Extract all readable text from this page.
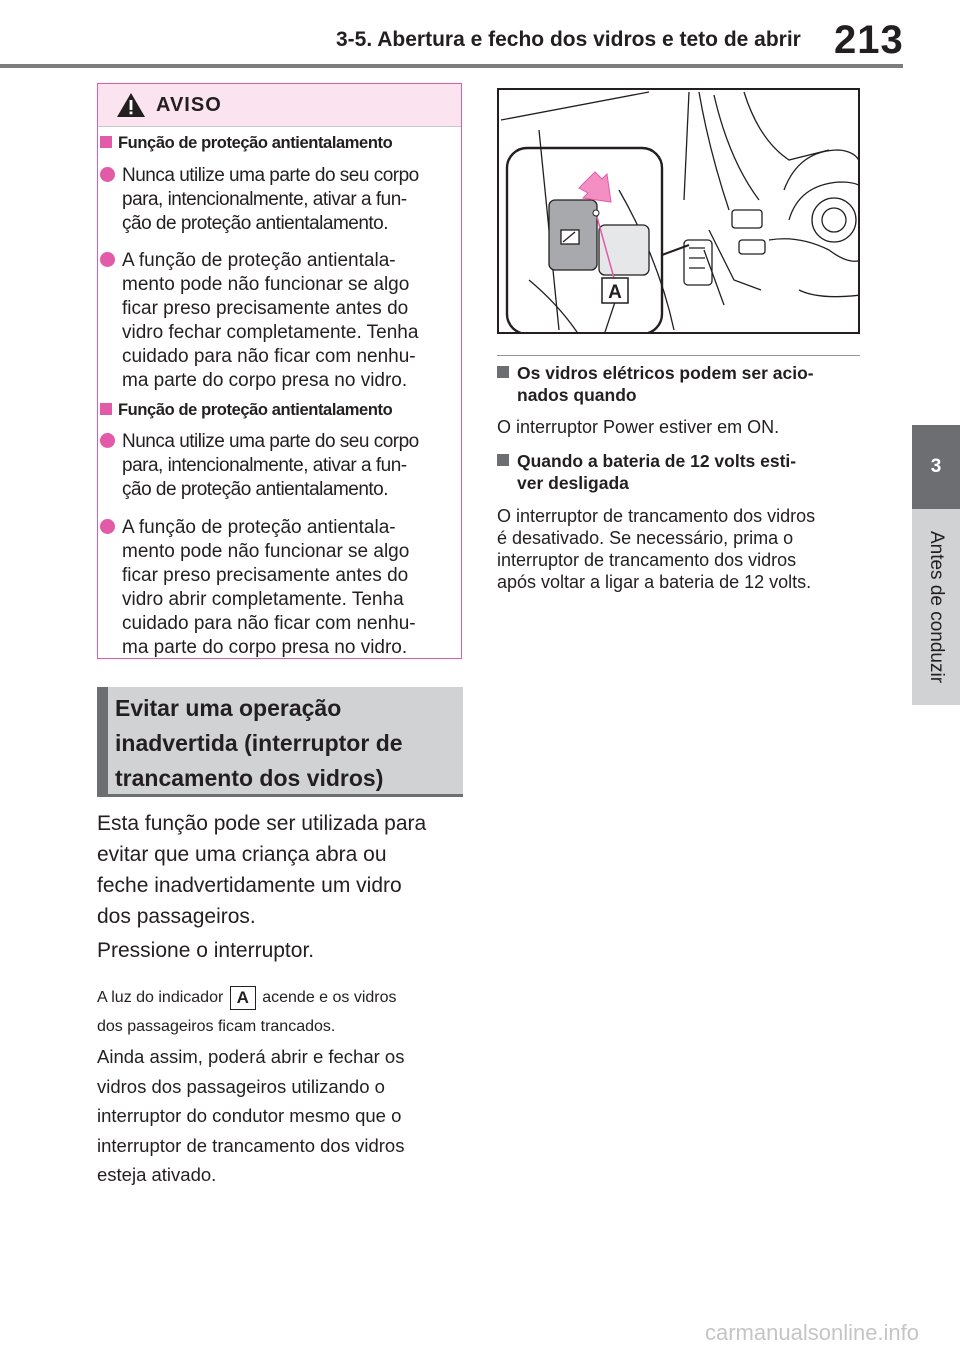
3-5. Abertura e fecho dos vidros e teto de abrir 213
3
Antes de conduzir
AVISO
Função de proteção antientalamento
Nunca utilize uma parte do seu corpo
para, intencionalmente, ativar a fun-
ção de proteção antientalamento.
A função de proteção antientala-
mento pode não funcionar se algo
ficar preso precisamente antes do
vidro fechar completamente. Tenha
cuidado para não ficar com nenhu-
ma parte do corpo presa no vidro.
Função de proteção antientalamento
Nunca utilize uma parte do seu corpo
para, intencionalmente, ativar a fun-
ção de proteção antientalamento.
A função de proteção antientala-
mento pode não funcionar se algo
ficar preso precisamente antes do
vidro abrir completamente. Tenha
cuidado para não ficar com nenhu-
ma parte do corpo presa no vidro.
Evitar uma operação
inadvertida (interruptor de
trancamento dos vidros)
Esta função pode ser utilizada para
evitar que uma criança abra ou
feche inadvertidamente um vidro
dos passageiros.
Pressione o interruptor.
A luz do indicador A acende e os vidros
dos passageiros ficam trancados.
Ainda assim, poderá abrir e fechar os
vidros dos passageiros utilizando o
interruptor do condutor mesmo que o
interruptor de trancamento dos vidros
esteja ativado.
A
Os vidros elétricos podem ser acio-
nados quando
O interruptor Power estiver em ON.
Quando a bateria de 12 volts esti-
ver desligada
O interruptor de trancamento dos vidros
é desativado. Se necessário, prima o
interruptor de trancamento dos vidros
após voltar a ligar a bateria de 12 volts.
carmanualsonline.info
